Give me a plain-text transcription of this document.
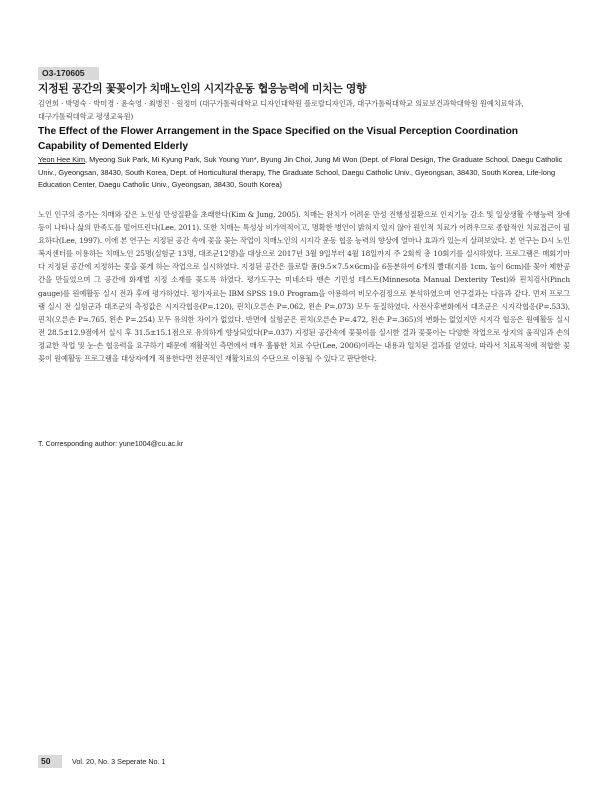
O3-170605
지정된 공간의 꽃꽂이가 치매노인의 시지각운동 협응능력에 미치는 영향
김연희 · 박명숙 · 박미경 · 윤숙영 · 최병진 · 원정미 (대구가톨릭대학교 디자인대학원 플로랄디자인과, 대구가톨릭대학교 의료보건과학대학원 원예치료학과,
대구가톨릭대학교 평생교육원)
The Effect of the Flower Arrangement in the Space Specified on the Visual Perception Coordination Capability of Demented Elderly
Yeon Hee Kim, Myeong Suk Park, Mi Kyung Park, Suk Young Yun*, Byung Jin Choi, Jung Mi Won (Dept. of Floral Design, The Graduate School, Daegu Catholic Univ., Gyeongsan, 38430, South Korea, Dept. of Horticultural therapy, The Graduate School, Daegu Catholic Univ., Gyeongsan, 38430, South Korea, Life-long Education Center, Daegu Catholic Univ., Gyeongsan, 38430, South Korea)
노인 인구의 증가는 치매와 같은 노인성 만성질환을 초래한다(Kim & Jung, 2005). 치매는 완치가 어려운 만성 진행성질환으로 인지기능 감소 및 일상생활 수행능력 장애 등이 나타나 삶의 만족도를 떨어뜨린다(Lee, 2011). 또한 치매는 특성상 비가역적이고, 명확한 병인이 밝혀지 있지 않아 원인적 치료가 어려우므로 종합적인 치료접근이 필요하다(Lee, 1997). 이에 본 연구는 지정된 공간 속에 꽃을 꽂는 작업이 치매노인의 시지각 운동 협응 능력의 향상에 얼마나 효과가 있는지 살펴보았다. 본 연구는 D시 노인복지센터를 이용하는 치매노인 25명(실험군 13명, 대조군12명)을 대상으로 2017년 3월 9일부터 4월 18일까지 주 2회씩 총 10회기를 실시하였다. 프로그램은 매회기마다 지정된 공간에 지정하는 꽃을 꽂게 하는 작업으로 실시하였다. 지정된 공간은 플로랄 폼(9.5×7.5×6cm)을 6등분하여 6개의 빨대(지름 1cm, 높이 6cm)를 꽂아 제한공간을 만들었으며 그 공간에 화재별 지정 소재를 꽂도록 하였다. 평가도구는 미네소타 맨손 기민성 테스트(Minnesota Manual Dexterity Test)와 핀치검사(Pinch gauge)를 원예활동 실시 전과 후에 평가하였다. 평가자료는 IBM SPSS 19.0 Program을 이용하여 비모수검정으로 분석하였으며 연구결과는 다음과 같다. 먼저 프로그램 실시 전 실험군과 대조군의 측정값은 시지각협응(P=.120), 핀치(오른손 P=.062, 왼손 P=.073) 모두 동질하였다. 사전사후변화에서 대조군은 시지각협응(P=.533), 핀치(오른손 P=.765, 왼손 P=.254) 모두 유의한 차이가 없었다. 반면에 실험군은 핀치(오른손 P=.472, 왼손 P=.365)의 변화는 없었지만 시지각 협응은 원예활동 실시 전 28.5±12.9점에서 실시 후 31.5±15.1점으로 유의하게 향상되었다(P=.037) 지정된 공간속에 꽃꽂이를 실시한 결과 꽃꽂이는 다양한 작업으로 상지의 움직임과 손의 정교한 작업 및 눈-손 협응력을 요구하기 때문에 재활적인 측면에서 매우 훌륭한 치료 수단(Lee, 2006)이라는 내용과 일치된 결과를 얻었다. 따라서 치료목적에 적합한 꽃꽂이 원예활동 프로그램을 대상자에게 적용한다면 전문적인 재활치료의 수단으로 이용될 수 있다고 판단한다.
T. Corresponding author: yune1004@cu.ac.kr
50	Vol. 20, No. 3 Seperate No. 1
